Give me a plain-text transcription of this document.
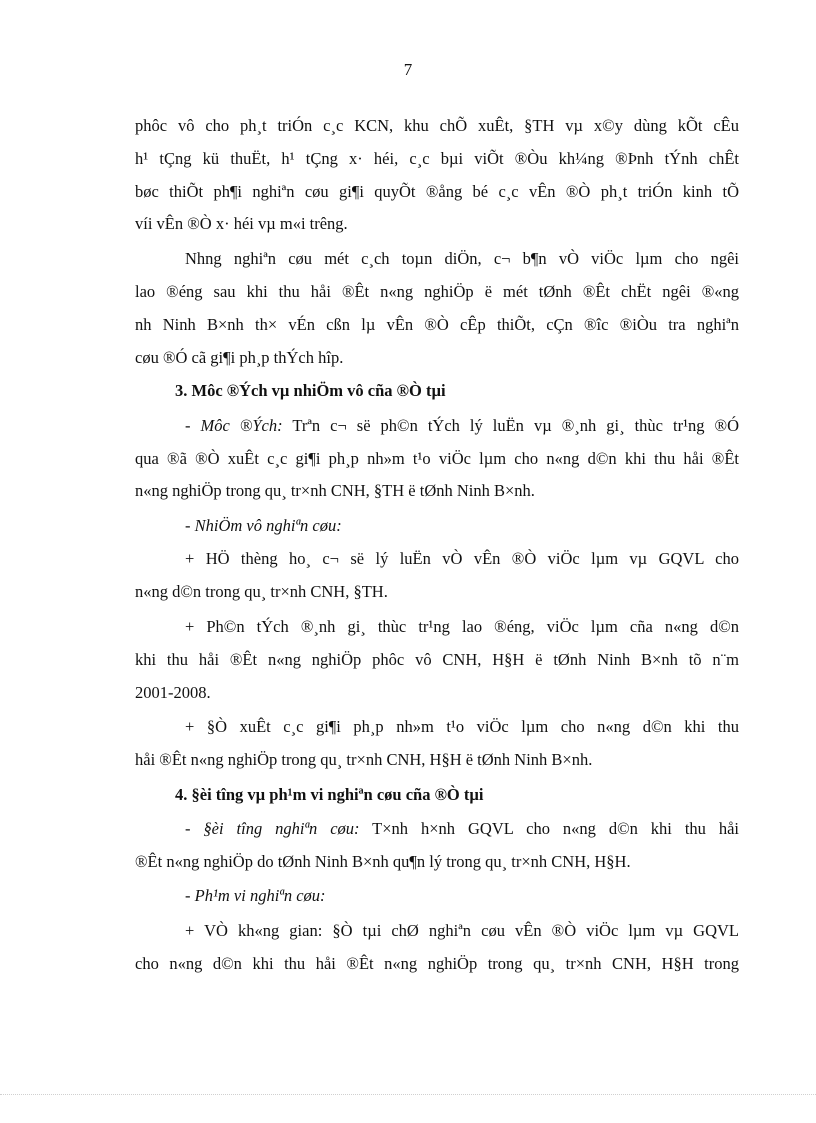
7
phôc vô cho ph¸t triÓn c¸c KCN, khu chÕ xuÊt, §TH vµ x©y dùng kÕt cÊu
h¹ tÇng kü thuËt, h¹ tÇng x· héi, c¸c bµi viÕt ®Òu kh¼ng ®Þnh tÝnh chÊt
bøc thiÕt ph¶i nghiªn cøu gi¶i quyÕt ®ång bé c¸c vÊn ®Ò ph¸t triÓn kinh tÕ
víi vÊn ®Ò x· héi vµ m«i trêng.
Nhng nghiªn cøu mét c¸ch toµn diÖn, c¬ b¶n vÒ viÖc lµm cho ngêi
lao ®éng sau khi thu håi ®Êt n«ng nghiÖp ë mét tØnh ®Êt chËt ngêi ®«ng
nh Ninh B×nh th× vÉn cßn lµ vÊn ®Ò cÊp thiÕt, cÇn ®îc ®iÒu tra nghiªn
cøu ®Ó cã gi¶i ph¸p thÝch hîp.
3. Môc ®Ých vµ nhiÖm vô cña ®Ò tµi
- Môc ®Ých: Trªn c¬ së ph©n tÝch lý luËn vµ ®¸nh gi¸ thùc tr¹ng ®Ó
qua ®ã ®Ò xuÊt c¸c gi¶i ph¸p nh»m t¹o viÖc lµm cho n«ng d©n khi thu håi ®Êt
n«ng nghiÖp trong qu¸ tr×nh CNH, §TH ë tØnh Ninh B×nh.
- NhiÖm vô nghiªn cøu:
+ HÖ thèng ho¸ c¬ së lý luËn vÒ vÊn ®Ò viÖc lµm vµ GQVL cho
n«ng d©n trong qu¸ tr×nh CNH, §TH.
+ Ph©n tÝch ®¸nh gi¸ thùc tr¹ng lao ®éng, viÖc lµm cña n«ng d©n
khi thu håi ®Êt n«ng nghiÖp phôc vô CNH, H§H ë tØnh Ninh B×nh tõ n¨m
2001-2008.
+ §Ò xuÊt c¸c gi¶i ph¸p nh»m t¹o viÖc lµm cho n«ng d©n khi thu
håi ®Êt n«ng nghiÖp trong qu¸ tr×nh CNH, H§H ë tØnh Ninh B×nh.
4. §èi tîng vµ ph¹m vi nghiªn cøu cña ®Ò tµi
- §èi tîng nghiªn cøu: T×nh h×nh GQVL cho n«ng d©n khi thu håi
®Êt n«ng nghiÖp do tØnh Ninh B×nh qu¶n lý trong qu¸ tr×nh CNH, H§H.
- Ph¹m vi nghiªn cøu:
+ VÒ kh«ng gian: §Ò tµi chØ nghiªn cøu vÊn ®Ò viÖc lµm vµ GQVL
cho n«ng d©n khi thu håi ®Êt n«ng nghiÖp trong qu¸ tr×nh CNH, H§H trong
